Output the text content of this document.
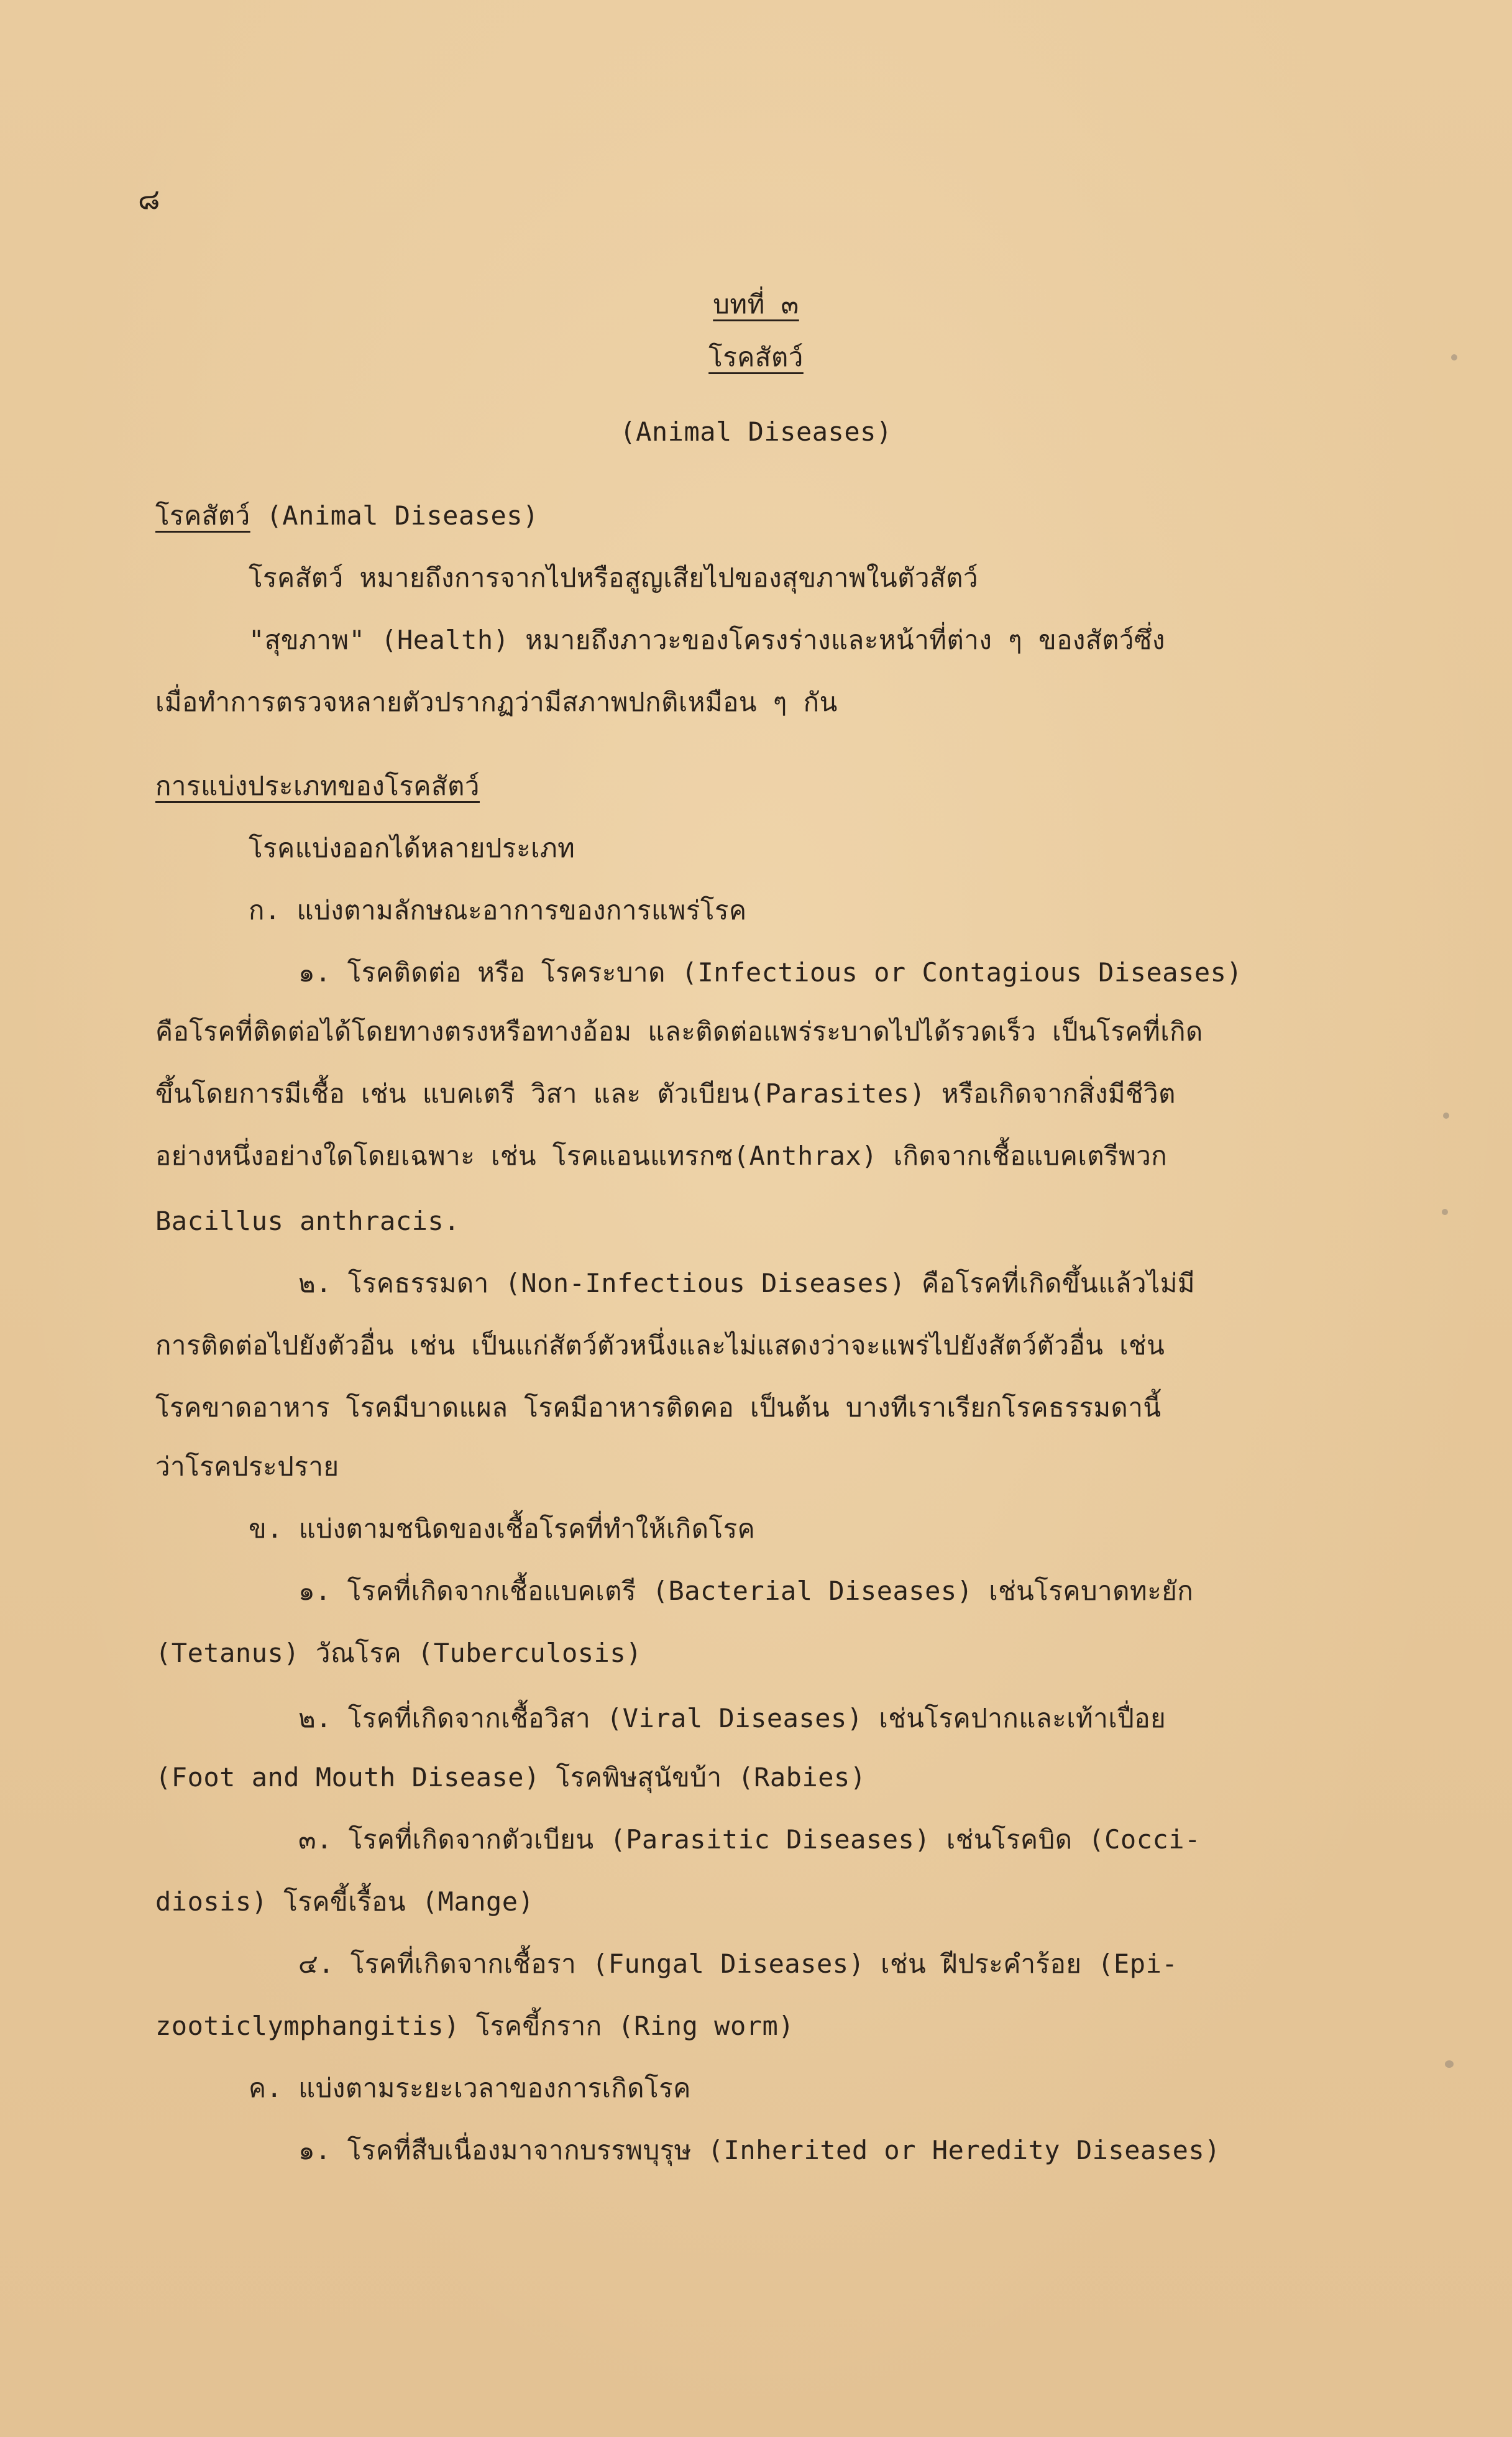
๘
บทที่ ๓
โรคสัตว์
(Animal Diseases)
โรคสัตว์ (Animal Diseases)
โรคสัตว์ หมายถึงการจากไปหรือสูญเสียไปของสุขภาพในตัวสัตว์
"สุขภาพ" (Health) หมายถึงภาวะของโครงร่างและหน้าที่ต่าง ๆ ของสัตว์ซึ่ง
เมื่อทำการตรวจหลายตัวปรากฏว่ามีสภาพปกติเหมือน ๆ กัน
การแบ่งประเภทของโรคสัตว์
โรคแบ่งออกได้หลายประเภท
ก. แบ่งตามลักษณะอาการของการแพร่โรค
๑. โรคติดต่อ หรือ โรคระบาด (Infectious or Contagious Diseases)
คือโรคที่ติดต่อได้โดยทางตรงหรือทางอ้อม และติดต่อแพร่ระบาดไปได้รวดเร็ว เป็นโรคที่เกิด
ขึ้นโดยการมีเชื้อ เช่น แบคเตรี วิสา และ ตัวเบียน(Parasites) หรือเกิดจากสิ่งมีชีวิต
อย่างหนึ่งอย่างใดโดยเฉพาะ เช่น โรคแอนแทรกซ(Anthrax) เกิดจากเชื้อแบคเตรีพวก
Bacillus anthracis.
๒. โรคธรรมดา (Non-Infectious Diseases) คือโรคที่เกิดขึ้นแล้วไม่มี
การติดต่อไปยังตัวอื่น เช่น เป็นแก่สัตว์ตัวหนึ่งและไม่แสดงว่าจะแพร่ไปยังสัตว์ตัวอื่น เช่น
โรคขาดอาหาร โรคมีบาดแผล โรคมีอาหารติดคอ เป็นต้น บางทีเราเรียกโรคธรรมดานี้
ว่าโรคประปราย
ข. แบ่งตามชนิดของเชื้อโรคที่ทำให้เกิดโรค
๑. โรคที่เกิดจากเชื้อแบคเตรี (Bacterial Diseases) เช่นโรคบาดทะยัก
(Tetanus) วัณโรค (Tuberculosis)
๒. โรคที่เกิดจากเชื้อวิสา (Viral Diseases) เช่นโรคปากและเท้าเปื่อย
(Foot and Mouth Disease) โรคพิษสุนัขบ้า (Rabies)
๓. โรคที่เกิดจากตัวเบียน (Parasitic Diseases) เช่นโรคบิด (Cocci-
diosis) โรคขี้เรื้อน (Mange)
๔. โรคที่เกิดจากเชื้อรา (Fungal Diseases) เช่น ฝีประคำร้อย (Epi-
zooticlymphangitis) โรคขี้กราก (Ring worm)
ค. แบ่งตามระยะเวลาของการเกิดโรค
๑. โรคที่สืบเนื่องมาจากบรรพบุรุษ (Inherited or Heredity Diseases)
